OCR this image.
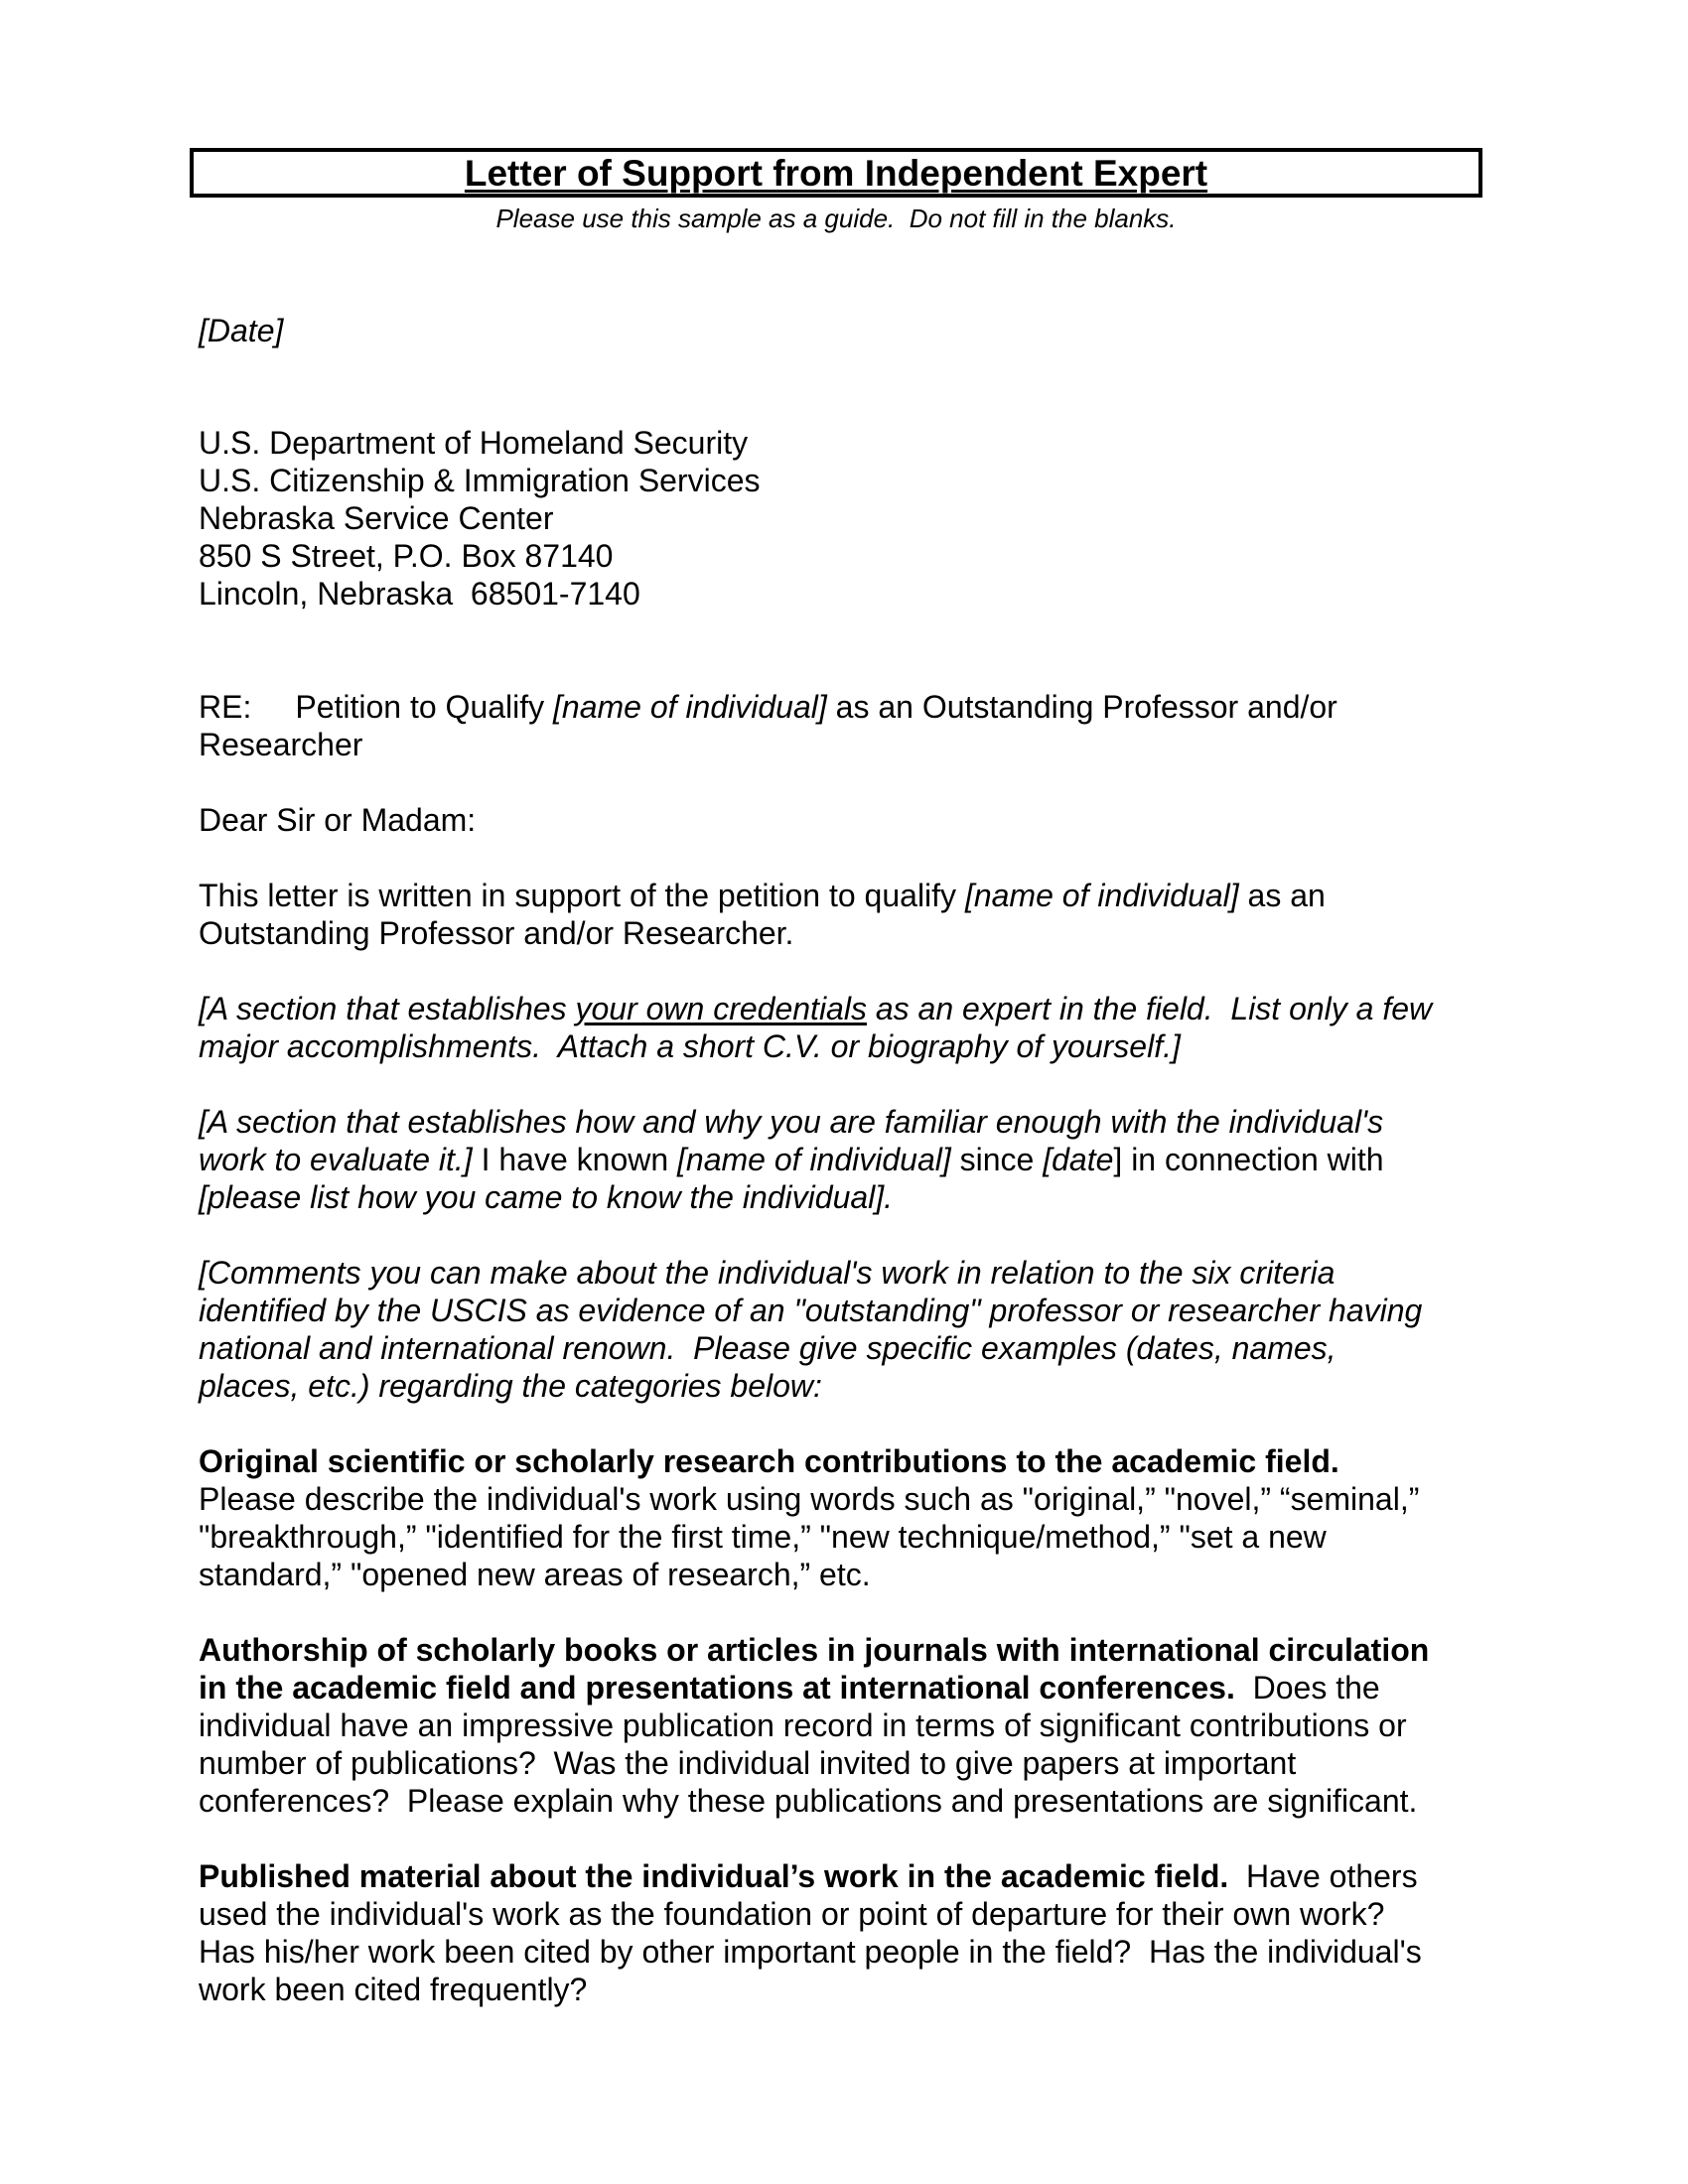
Letter of Support from Independent Expert
Please use this sample as a guide.  Do not fill in the blanks.
[Date]
U.S. Department of Homeland Security
U.S. Citizenship & Immigration Services
Nebraska Service Center
850 S Street, P.O. Box 87140
Lincoln, Nebraska  68501-7140
RE: Petition to Qualify [name of individual] as an Outstanding Professor and/or
Researcher
Dear Sir or Madam:
This letter is written in support of the petition to qualify [name of individual] as an
Outstanding Professor and/or Researcher.
[A section that establishes your own credentials as an expert in the field.  List only a few
major accomplishments.  Attach a short C.V. or biography of yourself.]
[A section that establishes how and why you are familiar enough with the individual's
work to evaluate it.] I have known [name of individual] since [date] in connection with
[please list how you came to know the individual].
[Comments you can make about the individual's work in relation to the six criteria
identified by the USCIS as evidence of an "outstanding" professor or researcher having
national and international renown.  Please give specific examples (dates, names,
places, etc.) regarding the categories below:
Original scientific or scholarly research contributions to the academic field.
Please describe the individual's work using words such as "original,” "novel,” “seminal,”
"breakthrough,” "identified for the first time,” "new technique/method,” "set a new
standard,” "opened new areas of research,” etc.
Authorship of scholarly books or articles in journals with international circulation
in the academic field and presentations at international conferences.  Does the
individual have an impressive publication record in terms of significant contributions or
number of publications?  Was the individual invited to give papers at important
conferences?  Please explain why these publications and presentations are significant.
Published material about the individual’s work in the academic field.  Have others
used the individual's work as the foundation or point of departure for their own work?
Has his/her work been cited by other important people in the field?  Has the individual's
work been cited frequently?
